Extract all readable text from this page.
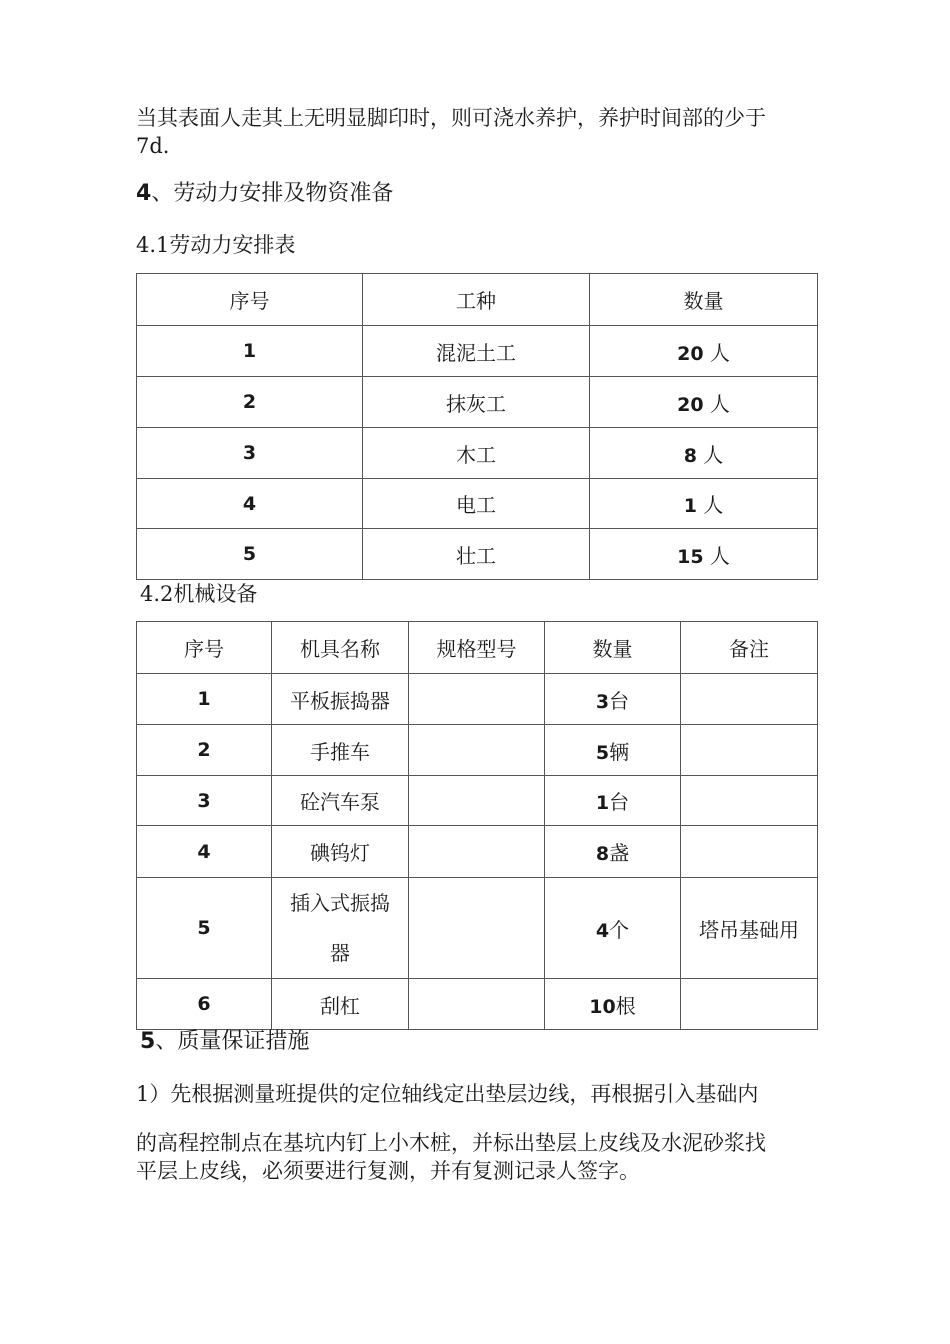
当其表面人走其上无明显脚印时，则可浇水养护，养护时间部的少于

7d.

4、劳动力安排及物资准备

4.1劳动力安排表

序号	工种	数量
1	混泥土工	20 人
2	抹灰工	20 人
3	木工	8 人
4	电工	1 人
5	壮工	15 人

4.2机械设备

序号	机具名称	规格型号	数量	备注
1	平板振捣器		3台	
2	手推车		5辆	
3	砼汽车泵		1台	
4	碘钨灯		8盏	
5	插入式振捣器		4个	塔吊基础用
6	刮杠		10根	

5、质量保证措施

1）先根据测量班提供的定位轴线定出垫层边线，再根据引入基础内

的高程控制点在基坑内钉上小木桩，并标出垫层上皮线及水泥砂浆找

平层上皮线，必须要进行复测，并有复测记录人签字。
